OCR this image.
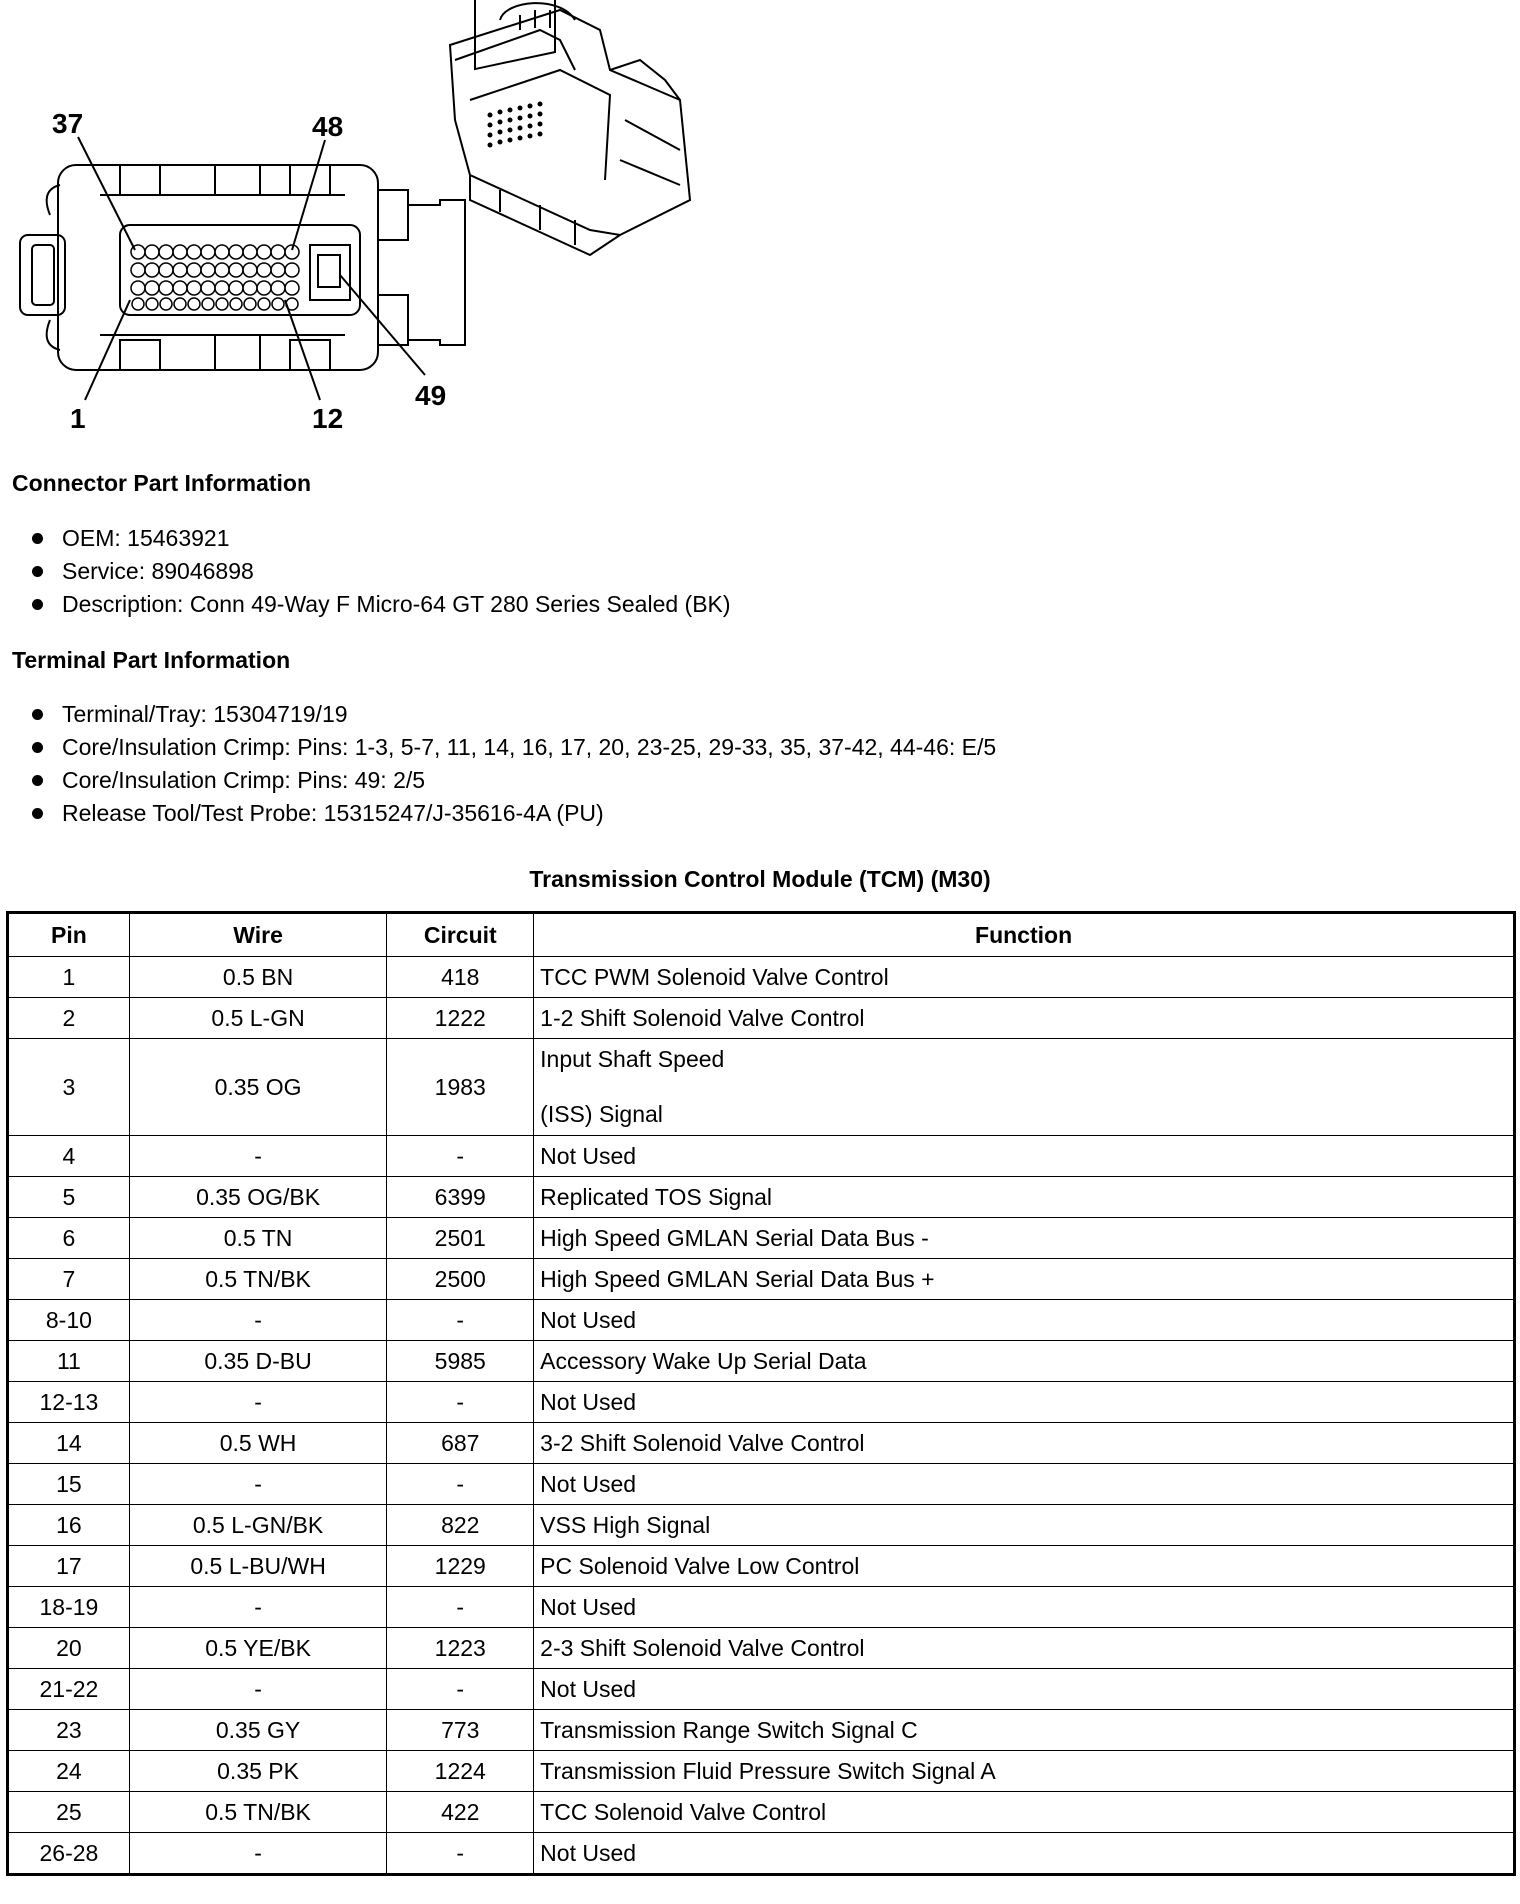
37	48
49
1	12
Connector Part Information
OEM: 15463921
Service: 89046898
Description: Conn 49-Way F Micro-64 GT 280 Series Sealed (BK)
Terminal Part Information
Terminal/Tray: 15304719/19
Core/Insulation Crimp: Pins: 1-3, 5-7, 11, 14, 16, 17, 20, 23-25, 29-33, 35, 37-42, 44-46: E/5
Core/Insulation Crimp: Pins: 49: 2/5
Release Tool/Test Probe: 15315247/J-35616-4A (PU)
Transmission Control Module (TCM) (M30)
Pin	Wire	Circuit	Function
1	0.5 BN	418	TCC PWM Solenoid Valve Control
2	0.5 L-GN	1222	1-2 Shift Solenoid Valve Control
3	0.35 OG	1983	Input Shaft Speed
(ISS) Signal

4	-	-	Not Used
5	0.35 OG/BK	6399	Replicated TOS Signal
6	0.5 TN	2501	High Speed GMLAN Serial Data Bus -
7	0.5 TN/BK	2500	High Speed GMLAN Serial Data Bus +
8-10	-	-	Not Used
11	0.35 D-BU	5985	Accessory Wake Up Serial Data
12-13	-	-	Not Used
14	0.5 WH	687	3-2 Shift Solenoid Valve Control
15	-	-	Not Used
16	0.5 L-GN/BK	822	VSS High Signal
17	0.5 L-BU/WH	1229	PC Solenoid Valve Low Control
18-19	-	-	Not Used
20	0.5 YE/BK	1223	2-3 Shift Solenoid Valve Control
21-22	-	-	Not Used
23	0.35 GY	773	Transmission Range Switch Signal C
24	0.35 PK	1224	Transmission Fluid Pressure Switch Signal A
25	0.5 TN/BK	422	TCC Solenoid Valve Control
26-28	-	-	Not Used
